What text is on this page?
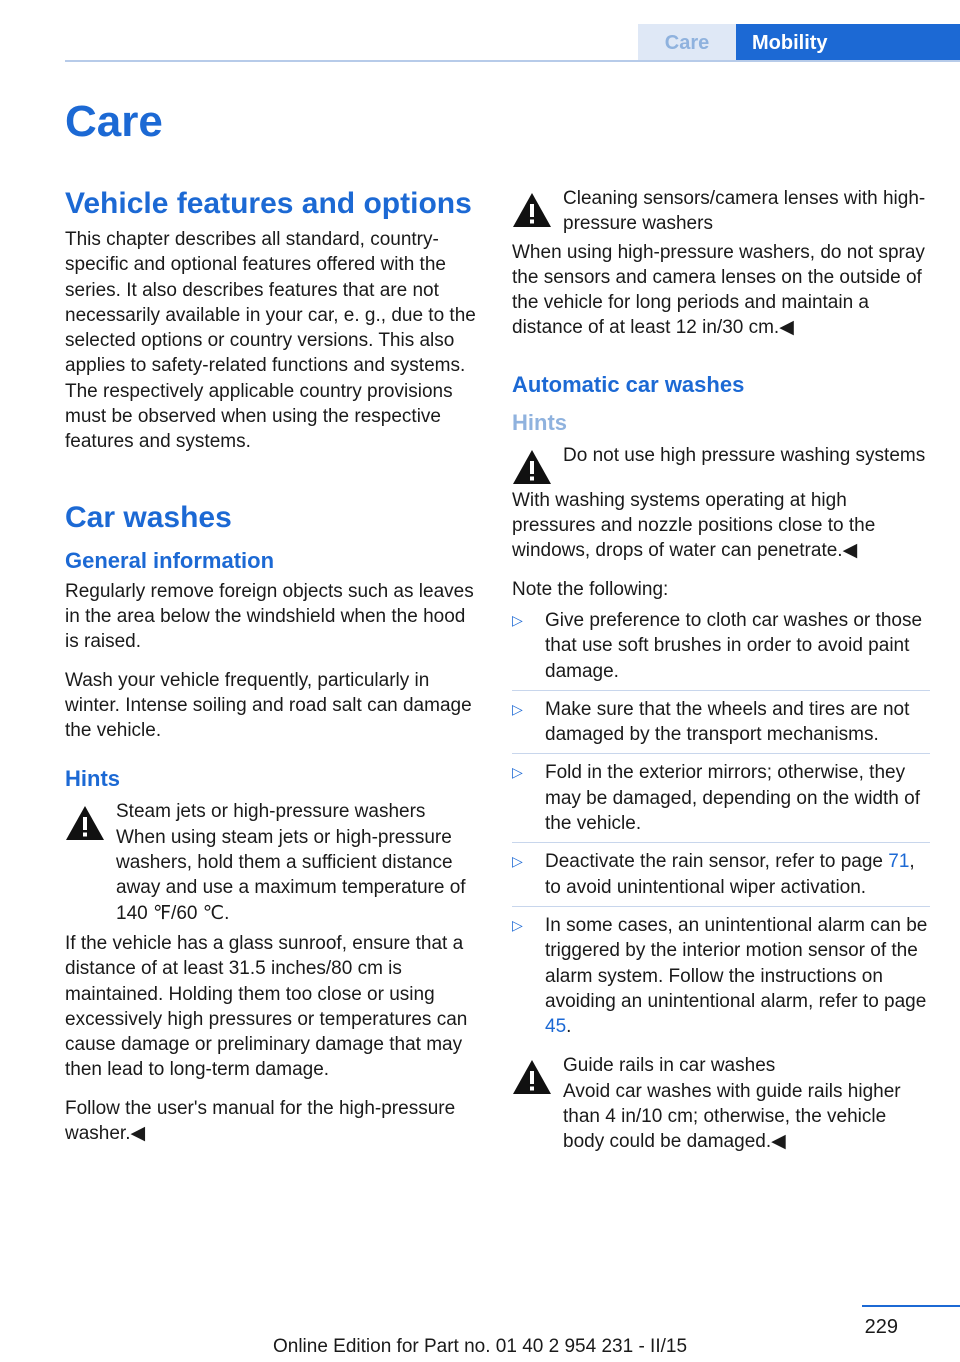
Care	Mobility
Care
Vehicle features and options

This chapter describes all standard, country-specific and optional features offered with the series. It also describes features that are not necessarily available in your car, e. g., due to the selected options or country versions. This also applies to safety-related functions and systems. The respectively applicable country provisions must be observed when using the respective features and systems.

Car washes
General information

Regularly remove foreign objects such as leaves in the area below the windshield when the hood is raised.

Wash your vehicle frequently, particularly in winter. Intense soiling and road salt can damage the vehicle.

Hints
Steam jets or high-pressure washers
When using steam jets or high-pressure washers, hold them a sufficient distance away and use a maximum temperature of 140 ℉/60 ℃.

If the vehicle has a glass sunroof, ensure that a distance of at least 31.5 inches/80 cm is maintained. Holding them too close or using excessively high pressures or temperatures can cause damage or preliminary damage that may then lead to long-term damage.

Follow the user's manual for the high-pressure washer.◀

Cleaning sensors/camera lenses with high-pressure washers

When using high-pressure washers, do not spray the sensors and camera lenses on the outside of the vehicle for long periods and maintain a distance of at least 12 in/30 cm.◀

Automatic car washes
Hints
Do not use high pressure washing systems

With washing systems operating at high pressures and nozzle positions close to the windows, drops of water can penetrate.◀

Note the following:

▷ Give preference to cloth car washes or those that use soft brushes in order to avoid paint damage.
▷ Make sure that the wheels and tires are not damaged by the transport mechanisms.
▷ Fold in the exterior mirrors; otherwise, they may be damaged, depending on the width of the vehicle.
▷ Deactivate the rain sensor, refer to page 71, to avoid unintentional wiper activation.
▷ In some cases, an unintentional alarm can be triggered by the interior motion sensor of the alarm system. Follow the instructions on avoiding an unintentional alarm, refer to page 45.
Guide rails in car washes
Avoid car washes with guide rails higher than 4 in/10 cm; otherwise, the vehicle body could be damaged.◀
229
Online Edition for Part no. 01 40 2 954 231 - II/15
